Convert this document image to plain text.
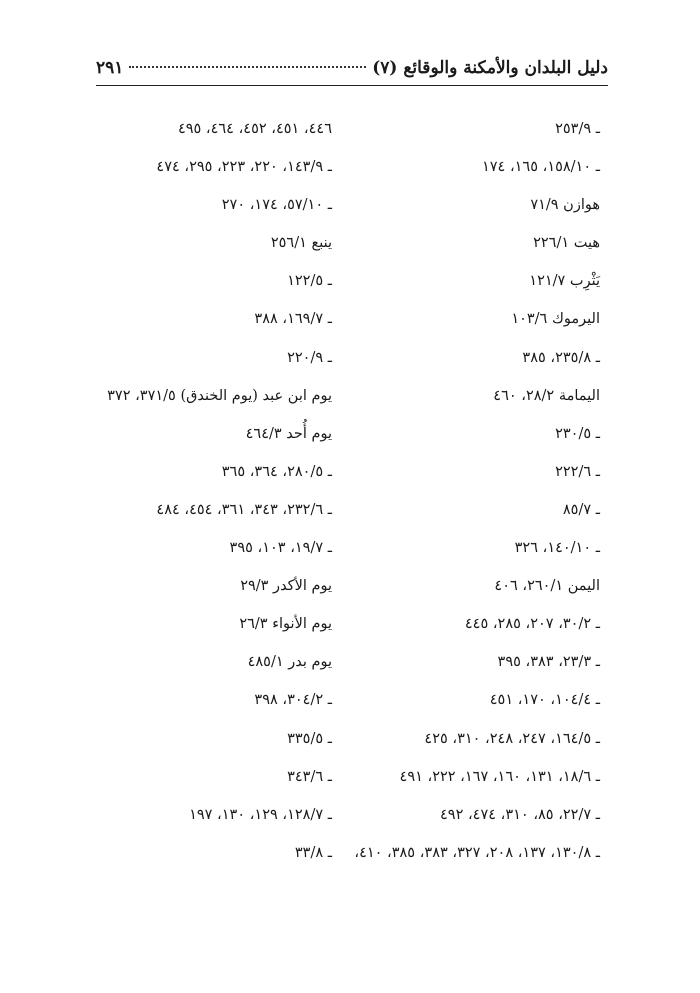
دليل البلدان والأمكنة والوقائع (٧)
٢٩١
ـ ٢٥٣/٩
ـ ١٥٨/١٠، ١٦٥، ١٧٤
هوازن ٧١/٩
هيت ٢٢٦/١
يَثْرِب ١٢١/٧
اليرموك ١٠٣/٦
ـ ٢٣٥/٨، ٣٨٥
اليمامة ٢٨/٢، ٤٦٠
ـ ٢٣٠/٥
ـ ٢٢٢/٦
ـ ٨٥/٧
ـ ١٤٠/١٠، ٣٢٦
اليمن ٢٦٠/١، ٤٠٦
ـ ٣٠/٢، ٢٠٧، ٢٨٥، ٤٤٥
ـ ٢٣/٣، ٣٨٣، ٣٩٥
ـ ١٠٤/٤، ١٧٠، ٤٥١
ـ ١٦٤/٥، ٢٤٧، ٢٤٨، ٣١٠، ٤٢٥
ـ ١٨/٦، ١٣١، ١٦٠، ١٦٧، ٢٢٢، ٤٩١
ـ ٢٢/٧، ٨٥، ٣١٠، ٤٧٤، ٤٩٢
ـ ١٣٠/٨، ١٣٧، ٢٠٨، ٣٢٧، ٣٨٣، ٣٨٥، ٤١٠،
٤٤٦، ٤٥١، ٤٥٢، ٤٦٤، ٤٩٥
ـ ١٤٣/٩، ٢٢٠، ٢٢٣، ٢٩٥، ٤٧٤
ـ ٥٧/١٠، ١٧٤، ٢٧٠
ينبع ٢٥٦/١
ـ ١٢٢/٥
ـ ١٦٩/٧، ٣٨٨
ـ ٢٢٠/٩
يوم ابن عبد (يوم الخندق) ٣٧١/٥، ٣٧٢
يوم أُحد ٤٦٤/٣
ـ ٢٨٠/٥، ٣٦٤، ٣٦٥
ـ ٢٣٢/٦، ٣٤٣، ٣٦١، ٤٥٤، ٤٨٤
ـ ١٩/٧، ١٠٣، ٣٩٥
يوم الأكدر ٢٩/٣
يوم الأنواء ٢٦/٣
يوم بدر ٤٨٥/١
ـ ٣٠٤/٢، ٣٩٨
ـ ٣٣٥/٥
ـ ٣٤٣/٦
ـ ١٢٨/٧، ١٢٩، ١٣٠، ١٩٧
ـ ٣٣/٨
